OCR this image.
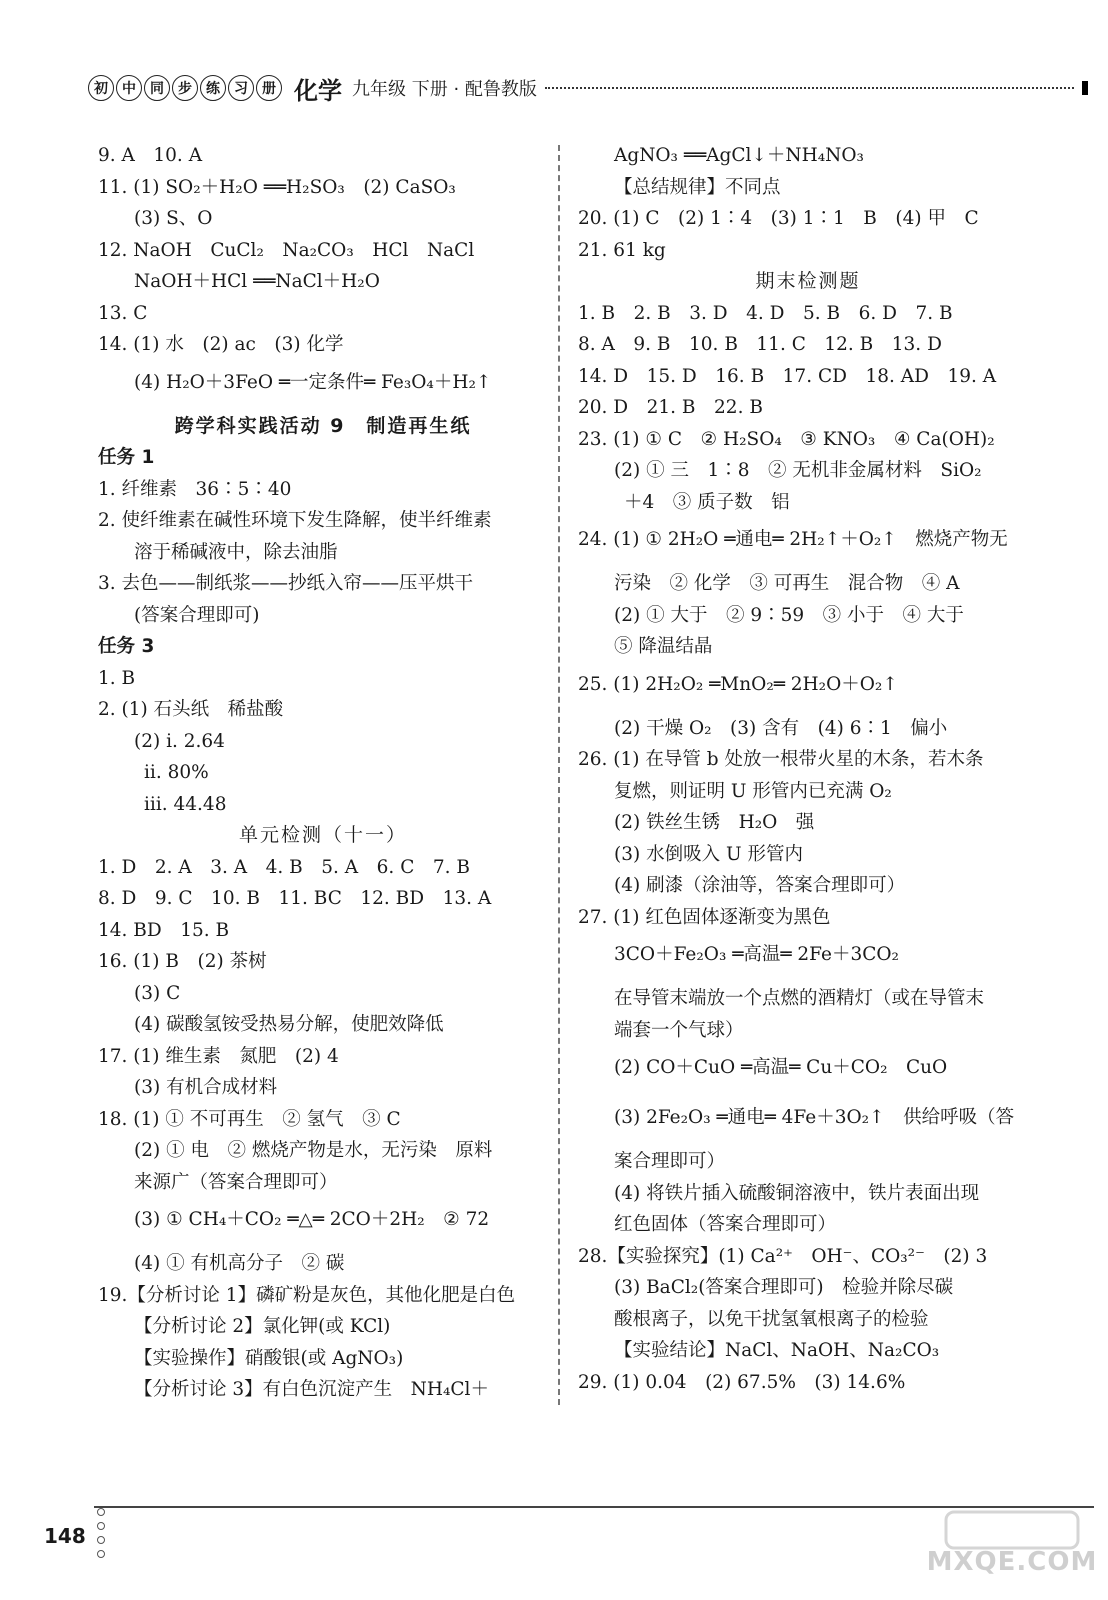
初	中	同	步	练	习	册 化学 九年级 下册 · 配鲁教版
9. A　10. A
11. (1) SO₂＋H₂O ══H₂SO₃　(2) CaSO₃
(3) S、O
12. NaOH　CuCl₂　Na₂CO₃　HCl　NaCl
NaOH＋HCl ══NaCl＋H₂O
13. C
14. (1) 水　(2) ac　(3) 化学
(4) H₂O＋3FeO ═一定条件═ Fe₃O₄＋H₂↑
跨学科实践活动 9　制造再生纸
任务 1
1. 纤维素　36∶5∶40
2. 使纤维素在碱性环境下发生降解，使半纤维素
溶于稀碱液中，除去油脂
3. 去色——制纸浆——抄纸入帘——压平烘干
(答案合理即可)
任务 3
1. B
2. (1) 石头纸　稀盐酸
(2) ⅰ. 2.64
ⅱ. 80%
ⅲ. 44.48
单元检测（十一）
1. D　2. A　3. A　4. B　5. A　6. C　7. B
8. D　9. C　10. B　11. BC　12. BD　13. A
14. BD　15. B
16. (1) B　(2) 茶树
(3) C
(4) 碳酸氢铵受热易分解，使肥效降低
17. (1) 维生素　氮肥　(2) 4
(3) 有机合成材料
18. (1) ① 不可再生　② 氢气　③ C
(2) ① 电　② 燃烧产物是水，无污染　原料
来源广（答案合理即可）
(3) ① CH₄＋CO₂ ═△═ 2CO＋2H₂　② 72
(4) ① 有机高分子　② 碳
19.【分析讨论 1】磷矿粉是灰色，其他化肥是白色
【分析讨论 2】氯化钾(或 KCl)
【实验操作】硝酸银(或 AgNO₃)
【分析讨论 3】有白色沉淀产生　NH₄Cl＋
AgNO₃ ══AgCl↓＋NH₄NO₃
【总结规律】不同点
20. (1) C　(2) 1∶4　(3) 1∶1　B　(4) 甲　C
21. 61 kg
期末检测题
1. B　2. B　3. D　4. D　5. B　6. D　7. B
8. A　9. B　10. B　11. C　12. B　13. D
14. D　15. D　16. B　17. CD　18. AD　19. A
20. D　21. B　22. B
23. (1) ① C　② H₂SO₄　③ KNO₃　④ Ca(OH)₂
(2) ① 三　1∶8　② 无机非金属材料　SiO₂
＋4　③ 质子数　铝
24. (1) ① 2H₂O ═通电═ 2H₂↑＋O₂↑　燃烧产物无
污染　② 化学　③ 可再生　混合物　④ A
(2) ① 大于　② 9∶59　③ 小于　④ 大于
⑤ 降温结晶
25. (1) 2H₂O₂ ═MnO₂═ 2H₂O＋O₂↑
(2) 干燥 O₂　(3) 含有　(4) 6∶1　偏小
26. (1) 在导管 b 处放一根带火星的木条，若木条
复燃，则证明 U 形管内已充满 O₂
(2) 铁丝生锈　H₂O　强
(3) 水倒吸入 U 形管内
(4) 刷漆（涂油等，答案合理即可）
27. (1) 红色固体逐渐变为黑色
3CO＋Fe₂O₃ ═高温═ 2Fe＋3CO₂
在导管末端放一个点燃的酒精灯（或在导管末
端套一个气球）
(2) CO＋CuO ═高温═ Cu＋CO₂　CuO
(3) 2Fe₂O₃ ═通电═ 4Fe＋3O₂↑　供给呼吸（答
案合理即可）
(4) 将铁片插入硫酸铜溶液中，铁片表面出现
红色固体（答案合理即可）
28.【实验探究】(1) Ca²⁺　OH⁻、CO₃²⁻　(2) 3
(3) BaCl₂(答案合理即可)　检验并除尽碳
酸根离子，以免干扰氢氧根离子的检验
【实验结论】NaCl、NaOH、Na₂CO₃
29. (1) 0.04　(2) 67.5%　(3) 14.6%
148
MXQE.COM
